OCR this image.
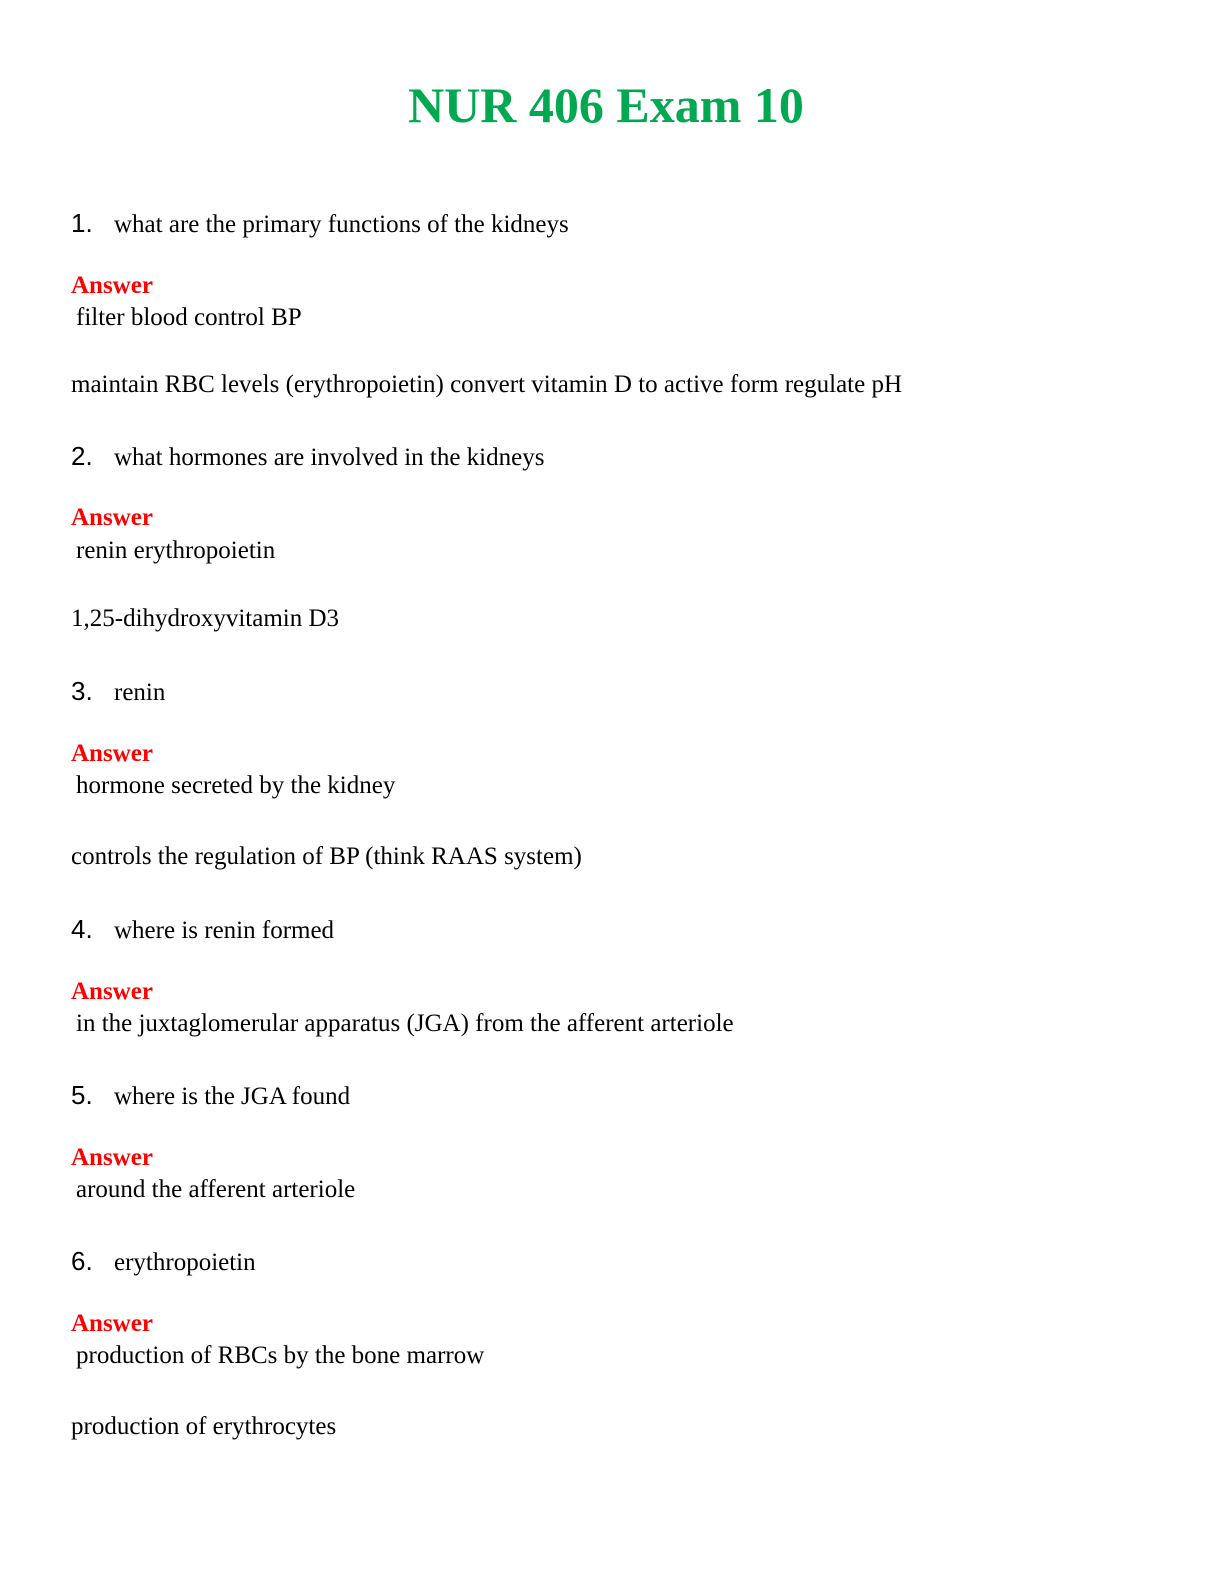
NUR 406 Exam 10
1. what are the primary functions of the kidneys
Answer
filter blood control BP
maintain RBC levels (erythropoietin) convert vitamin D to active form regulate pH
2. what hormones are involved in the kidneys
Answer
renin erythropoietin
1,25-dihydroxyvitamin D3
3. renin
Answer
hormone secreted by the kidney
controls the regulation of BP (think RAAS system)
4. where is renin formed
Answer
in the juxtaglomerular apparatus (JGA) from the afferent arteriole
5. where is the JGA found
Answer
around the afferent arteriole
6. erythropoietin
Answer
production of RBCs by the bone marrow
production of erythrocytes
